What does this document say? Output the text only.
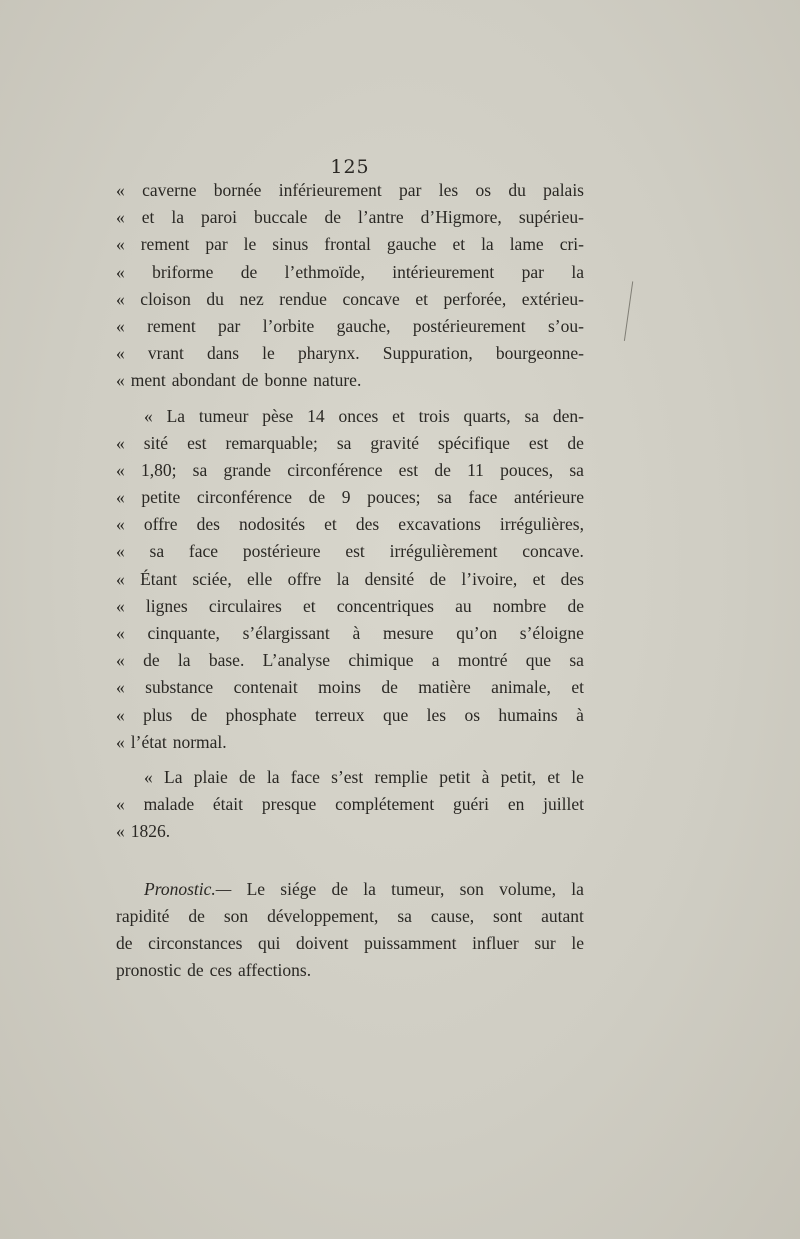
125
« caverne bornée inférieurement par les os du palais
« et la paroi buccale de l’antre d’Higmore, supérieu-
« rement par le sinus frontal gauche et la lame cri-
« briforme de l’ethmoïde, intérieurement par la
« cloison du nez rendue concave et perforée, extérieu-
« rement par l’orbite gauche, postérieurement s’ou-
« vrant dans le pharynx. Suppuration, bourgeonne-
« ment abondant de bonne nature.
« La tumeur pèse 14 onces et trois quarts, sa den-
« sité est remarquable; sa gravité spécifique est de
« 1,80; sa grande circonférence est de 11 pouces, sa
« petite circonférence de 9 pouces; sa face antérieure
« offre des nodosités et des excavations irrégulières,
« sa face postérieure est irrégulièrement concave.
« Étant sciée, elle offre la densité de l’ivoire, et des
« lignes circulaires et concentriques au nombre de
« cinquante, s’élargissant à mesure qu’on s’éloigne
« de la base. L’analyse chimique a montré que sa
« substance contenait moins de matière animale, et
« plus de phosphate terreux que les os humains à
« l’état normal.
« La plaie de la face s’est remplie petit à petit, et le
« malade était presque complétement guéri en juillet
« 1826.
Pronostic.— Le siége de la tumeur, son volume, la
rapidité de son développement, sa cause, sont autant
de circonstances qui doivent puissamment influer sur le
pronostic de ces affections.
